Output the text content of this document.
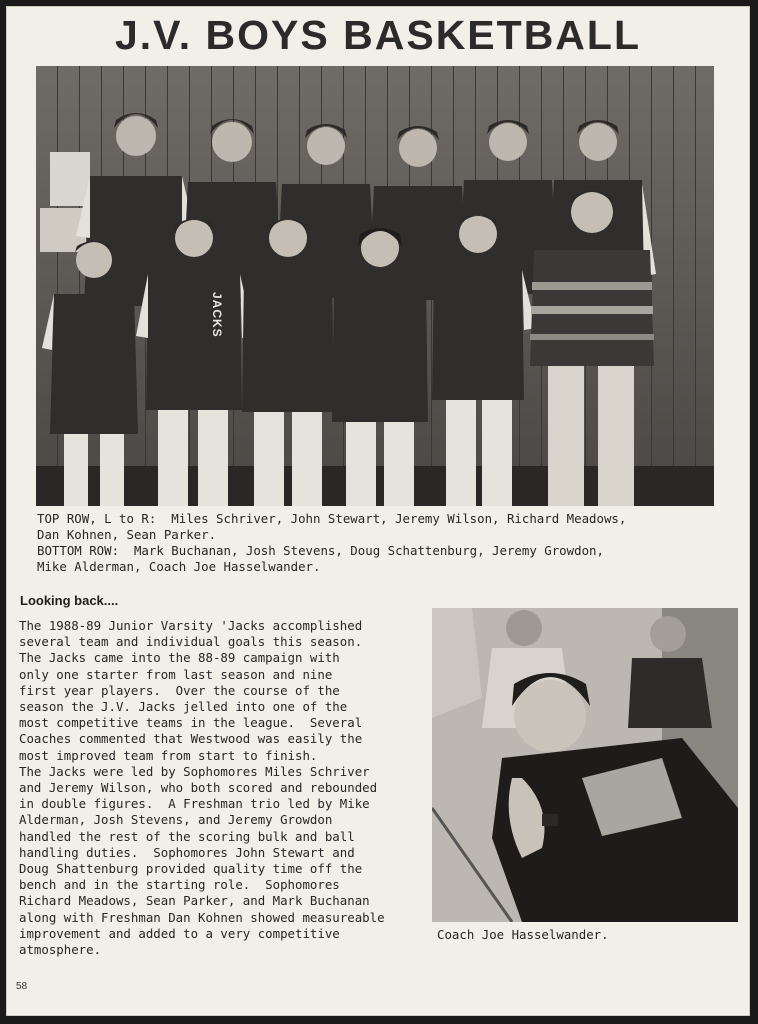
J.V. BOYS BASKETBALL
JACKS
TOP ROW, L to R:  Miles Schriver, John Stewart, Jeremy Wilson, Richard Meadows,
Dan Kohnen, Sean Parker.
BOTTOM ROW:  Mark Buchanan, Josh Stevens, Doug Schattenburg, Jeremy Growdon,
Mike Alderman, Coach Joe Hasselwander.
Looking back....
The 1988-89 Junior Varsity 'Jacks accomplished
several team and individual goals this season.
The Jacks came into the 88-89 campaign with
only one starter from last season and nine
first year players.  Over the course of the
season the J.V. Jacks jelled into one of the
most competitive teams in the league.  Several
Coaches commented that Westwood was easily the
most improved team from start to finish.
The Jacks were led by Sophomores Miles Schriver
and Jeremy Wilson, who both scored and rebounded
in double figures.  A Freshman trio led by Mike
Alderman, Josh Stevens, and Jeremy Growdon
handled the rest of the scoring bulk and ball
handling duties.  Sophomores John Stewart and
Doug Shattenburg provided quality time off the
bench and in the starting role.  Sophomores
Richard Meadows, Sean Parker, and Mark Buchanan
along with Freshman Dan Kohnen showed measureable
improvement and added to a very competitive
atmosphere.
Coach Joe Hasselwander.
58
